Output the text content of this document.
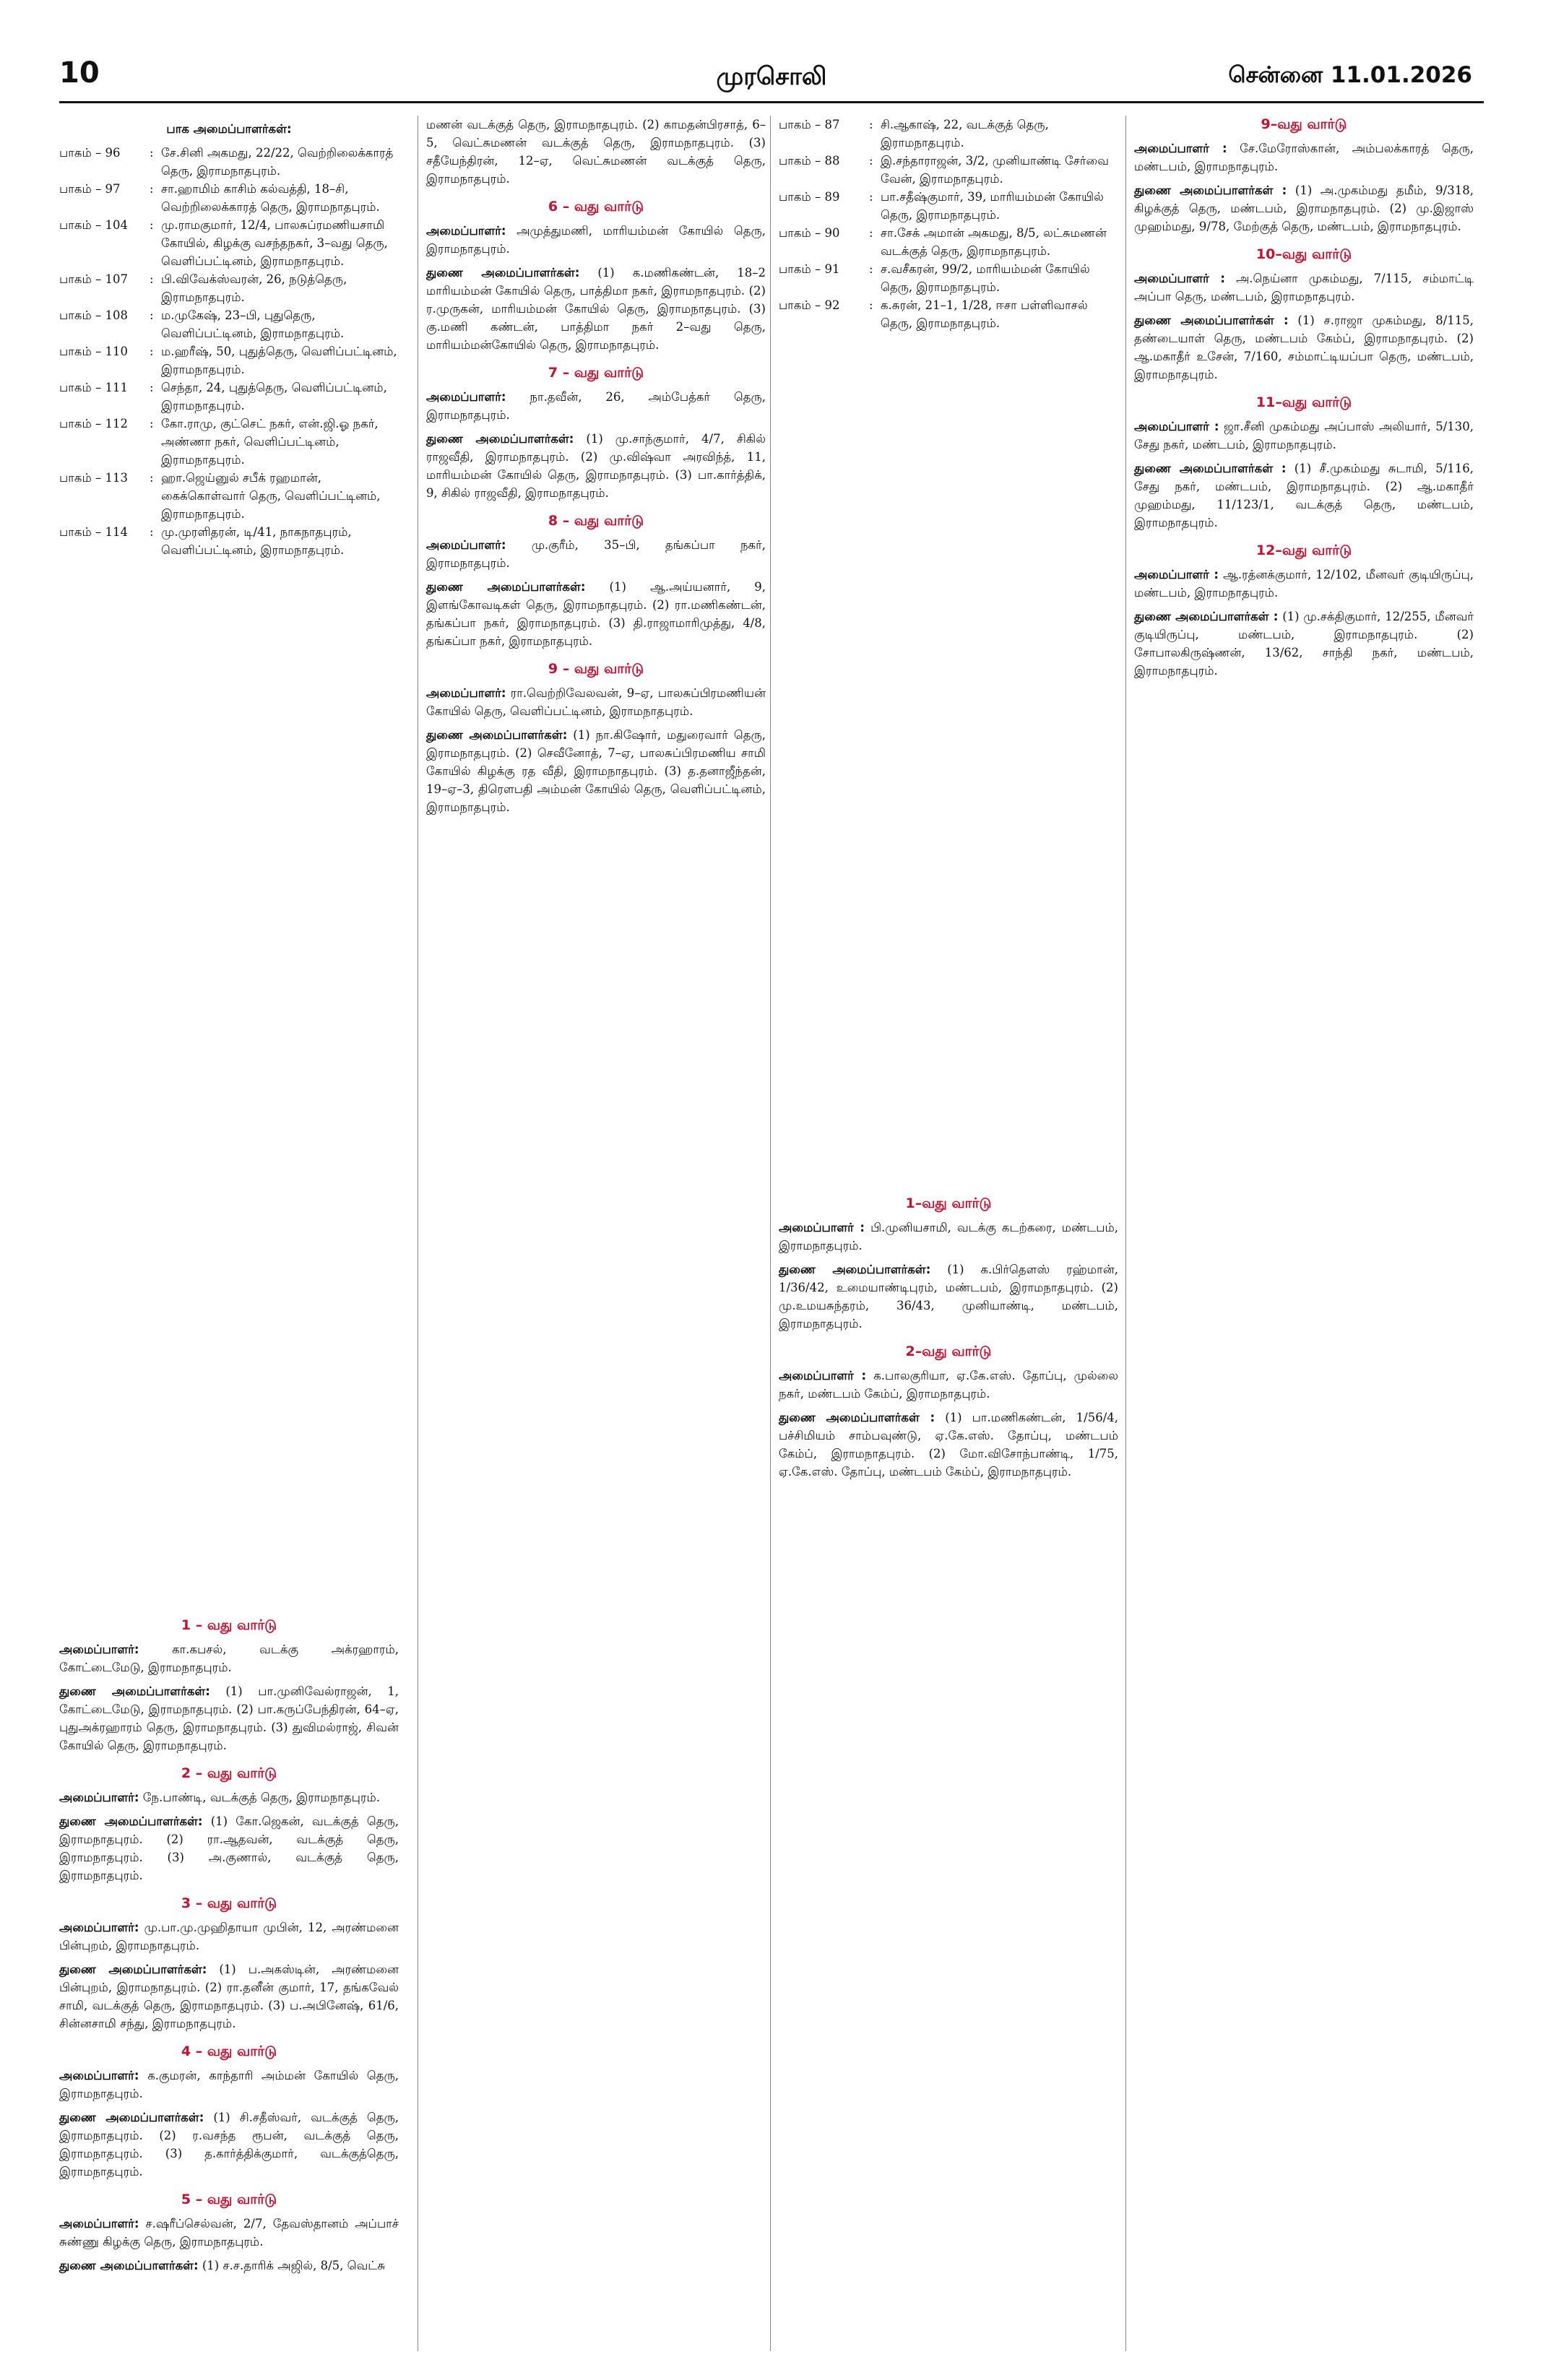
10	முரசொலி	சென்னை 11.01.2026
பாக அமைப்பாளர்கள்:
பாகம் – 96	: சே.சினி அகமது, 22/22, வெற்றிலைக்காரத் தெரு, இராமநாதபுரம்.
பாகம் – 97	: சா.ஹாமிம் காசிம் கல்வத்தி, 18–சி, வெற்றிலைக்காரத் தெரு, இராமநாதபுரம்.
பாகம் – 104	: மு.ராமகுமார், 12/4, பாலசுப்ரமணியசாமி கோயில், கிழக்கு வசந்தநகர், 3–வது தெரு, வெளிப்பட்டினம், இராமநாதபுரம்.
பாகம் – 107	: பி.விவேக்ஸ்வரன், 26, நடுத்தெரு, இராமநாதபுரம்.
பாகம் – 108	: ம.முகேஷ், 23–பி, புதுதெரு, வெளிப்பட்டினம், இராமநாதபுரம்.
பாகம் – 110	: ம.ஹரீஷ், 50, புதுத்தெரு, வெளிப்பட்டினம், இராமநாதபுரம்.
பாகம் – 111	: செந்தா, 24, புதுத்தெரு, வெளிப்பட்டினம், இராமநாதபுரம்.
பாகம் – 112	: கோ.ராமு, குட்செட் நகர், என்.ஜி.ஓ நகர், அண்ணா நகர், வெளிப்பட்டினம், இராமநாதபுரம்.
பாகம் – 113	: ஹா.ஜெய்னுல் சபீக் ரஹமான், கைக்கொள்வார் தெரு, வெளிப்பட்டினம், இராமநாதபுரம்.
பாகம் – 114	: மு.முரளிதரன், டி/41, நாகநாதபுரம், வெளிப்பட்டினம், இராமநாதபுரம்.
1 – வது வார்டு

அமைப்பாளர்:	கா.கபசல், வடக்கு அக்ரஹாரம், கோட்டைமேடு, இராமநாதபுரம்.

துணை அமைப்பாளர்கள்: (1) பா.முனிவேல்ராஜன், 1, கோட்டைமேடு, இராமநாதபுரம். (2) பா.கருப்பேந்திரன், 64–ஏ, புதுஅக்ரஹாரம் தெரு, இராமநாதபுரம். (3) துவிமல்ராஜ், சிவன் கோயில் தெரு, இராமநாதபுரம்.

2 – வது வார்டு

அமைப்பாளர்: நே.பாண்டி, வடக்குத் தெரு, இராமநாதபுரம்.

துணை அமைப்பாளர்கள்: (1) கோ.ஜெகன், வடக்குத் தெரு, இராமநாதபுரம். (2) ரா.ஆதவன், வடக்குத் தெரு, இராமநாதபுரம். (3) அ.குணால், வடக்குத் தெரு, இராமநாதபுரம்.

3 – வது வார்டு

அமைப்பாளர்: மு.பா.மு.முஹிதாயா முபின், 12, அரண்மனை பின்புறம், இராமநாதபுரம்.

துணை அமைப்பாளர்கள்: (1) ப.அகஸ்டின், அரண்மனை பின்புறம், இராமநாதபுரம். (2) ரா.தனீன் குமார், 17, தங்கவேல் சாமி, வடக்குத் தெரு, இராமநாதபுரம். (3) ப.அபினேஷ், 61/6, சின்னசாமி சந்து, இராமநாதபுரம்.

4 – வது வார்டு

அமைப்பாளர்: க.குமரன், காந்தாரி அம்மன் கோயில் தெரு, இராமநாதபுரம்.

துணை அமைப்பாளர்கள்: (1) சி.சதீஸ்வர், வடக்குத் தெரு, இராமநாதபுரம். (2) ர.வசந்த ரூபன், வடக்குத் தெரு, இராமநாதபுரம். (3) த.கார்த்திக்குமார், வடக்குத்தெரு, இராமநாதபுரம்.

5 – வது வார்டு

அமைப்பாளர்: ச.ஷரீப்செல்வன், 2/7, தேவஸ்தானம் அப்பாச் சுண்ணு கிழக்கு தெரு, இராமநாதபுரம்.

துணை அமைப்பாளர்கள்: (1) ச.ச.தாரிக் அஜில், 8/5, வெட்சு

மணன் வடக்குத் தெரு, இராமநாதபுரம். (2) காமதன்பிரசாத், 6–5, வெட்சுமணன் வடக்குத் தெரு, இராமநாதபுரம். (3) சதீயேந்திரன், 12–ஏ, வெட்சுமணன் வடக்குத் தெரு, இராமநாதபுரம்.

6 – வது வார்டு

அமைப்பாளர்: அமுத்துமணி, மாரியம்மன் கோயில் தெரு, இராமநாதபுரம்.

துணை அமைப்பாளர்கள்: (1) க.மணிகண்டன், 18–2 மாரியம்மன் கோயில் தெரு, பாத்திமா நகர், இராமநாதபுரம். (2) ர.முருகன், மாரியம்மன் கோயில் தெரு, இராமநாதபுரம். (3) கு.மணி கண்டன், பாத்திமா நகர் 2–வது தெரு, மாரியம்மன்கோயில் தெரு, இராமநாதபுரம்.

7 – வது வார்டு

அமைப்பாளர்: நா.தவீன், 26, அம்பேத்கர் தெரு, இராமநாதபுரம்.

துணை அமைப்பாளர்கள்: (1) மு.சாந்குமார், 4/7, சிகில் ராஜவீதி, இராமநாதபுரம். (2) மு.விஷ்வா அரவிந்த், 11, மாரியம்மன் கோயில் தெரு, இராமநாதபுரம். (3) பா.கார்த்திக், 9, சிகில் ராஜவீதி, இராமநாதபுரம்.

8 – வது வார்டு

அமைப்பாளர்: மு.குரீம், 35–பி, தங்கப்பா நகர், இராமநாதபுரம்.

துணை அமைப்பாளர்கள்: (1) ஆ.அய்யனார், 9, இளங்கோவடிகள் தெரு, இராமநாதபுரம். (2) ரா.மணிகண்டன், தங்கப்பா நகர், இராமநாதபுரம். (3) தி.ராஜாமாரிமுத்து, 4/8, தங்கப்பா நகர், இராமநாதபுரம்.

9 – வது வார்டு

அமைப்பாளர்: ரா.வெற்றிவேலவன், 9–ஏ, பாலசுப்பிரமணியன் கோயில் தெரு, வெளிப்பட்டினம், இராமநாதபுரம்.

துணை அமைப்பாளர்கள்: (1) நா.கிஷோர், மதுரைவார் தெரு, இராமநாதபுரம். (2) செவீனோத், 7–ஏ, பாலசுப்பிரமணிய சாமி கோயில் கிழக்கு ரத வீதி, இராமநாதபுரம். (3) த.தனாஜீந்தன், 19–ஏ–3, திரௌபதி அம்மன் கோயில் தெரு, வெளிப்பட்டினம், இராமநாதபுரம்.

பாகம் – 87	: சி.ஆகாஷ், 22, வடக்குத் தெரு, இராமநாதபுரம்.
பாகம் – 88	: இ.சந்தாராஜன், 3/2, முனியாண்டி சேர்வை வேன், இராமநாதபுரம்.
பாகம் – 89	: பா.சதீஷ்குமார், 39, மாரியம்மன் கோயில் தெரு, இராமநாதபுரம்.
பாகம் – 90	: சா.சேக் அமான் அகமது, 8/5, லட்சுமணன் வடக்குத் தெரு, இராமநாதபுரம்.
பாகம் – 91	: ச.வசீகரன், 99/2, மாரியம்மன் கோயில் தெரு, இராமநாதபுரம்.
பாகம் – 92	: க.சுரன், 21–1, 1/28, ஈசா பள்ளிவாசல் தெரு, இராமநாதபுரம்.
1–வது வார்டு

அமைப்பாளர் : பி.முனியசாமி, வடக்கு கடற்கரை, மண்டபம், இராமநாதபுரம்.

துணை அமைப்பாளர்கள்: (1) க.பிர்தௌஸ் ரஹ்மான், 1/36/42, உமையாண்டிபுரம், மண்டபம், இராமநாதபுரம். (2) மு.உமயசுந்தரம், 36/43, முனியாண்டி, மண்டபம், இராமநாதபுரம்.

2–வது வார்டு

அமைப்பாளர் : க.பாலகுரியா, ஏ.கே.எஸ். தோப்பு, முல்லை நகர், மண்டபம் கேம்ப், இராமநாதபுரம்.

துணை அமைப்பாளர்கள் : (1) பா.மணிகண்டன், 1/56/4, பச்சிமியம் சாம்பவுண்டு, ஏ.கே.எஸ். தோப்பு, மண்டபம் கேம்ப், இராமநாதபுரம். (2) மோ.விசோந்பாண்டி, 1/75, ஏ.கே.எஸ். தோப்பு, மண்டபம் கேம்ப், இராமநாதபுரம்.

9–வது வார்டு

அமைப்பாளர் : சே.மேரோஸ்கான், அம்பலக்காரத் தெரு, மண்டபம், இராமநாதபுரம்.

துணை அமைப்பாளர்கள் : (1) அ.முகம்மது தமீம், 9/318, கிழக்குத் தெரு, மண்டபம், இராமநாதபுரம். (2) மு.இஜாஸ் முஹம்மது, 9/78, மேற்குத் தெரு, மண்டபம், இராமநாதபுரம்.

10–வது வார்டு

அமைப்பாளர் : அ.நெய்னா முகம்மது, 7/115, சம்மாட்டி அப்பா தெரு, மண்டபம், இராமநாதபுரம்.

துணை அமைப்பாளர்கள் : (1) ச.ராஜா முகம்மது, 8/115, தண்டையாள் தெரு, மண்டபம் கேம்ப், இராமநாதபுரம். (2) ஆ.மகாதீர் உசேன், 7/160, சம்மாட்டியப்பா தெரு, மண்டபம், இராமநாதபுரம்.

11–வது வார்டு

அமைப்பாளர் : ஜா.சீனி முகம்மது அப்பாஸ் அலியார், 5/130, சேது நகர், மண்டபம், இராமநாதபுரம்.

துணை அமைப்பாளர்கள் : (1) சீ.முகம்மது சுடாமி, 5/116, சேது நகர், மண்டபம், இராமநாதபுரம். (2) ஆ.மகாதீர் முஹம்மது, 11/123/1, வடக்குத் தெரு, மண்டபம், இராமநாதபுரம்.

12–வது வார்டு

அமைப்பாளர் : ஆ.ரத்னக்குமார், 12/102, மீனவர் குடியிருப்பு, மண்டபம், இராமநாதபுரம்.

துணை அமைப்பாளர்கள் : (1) மு.சக்திகுமார், 12/255, மீனவர் குடியிருப்பு, மண்டபம், இராமநாதபுரம். (2) சோபாலகிருஷ்ணன், 13/62, சாந்தி நகர், மண்டபம், இராமநாதபுரம்.
